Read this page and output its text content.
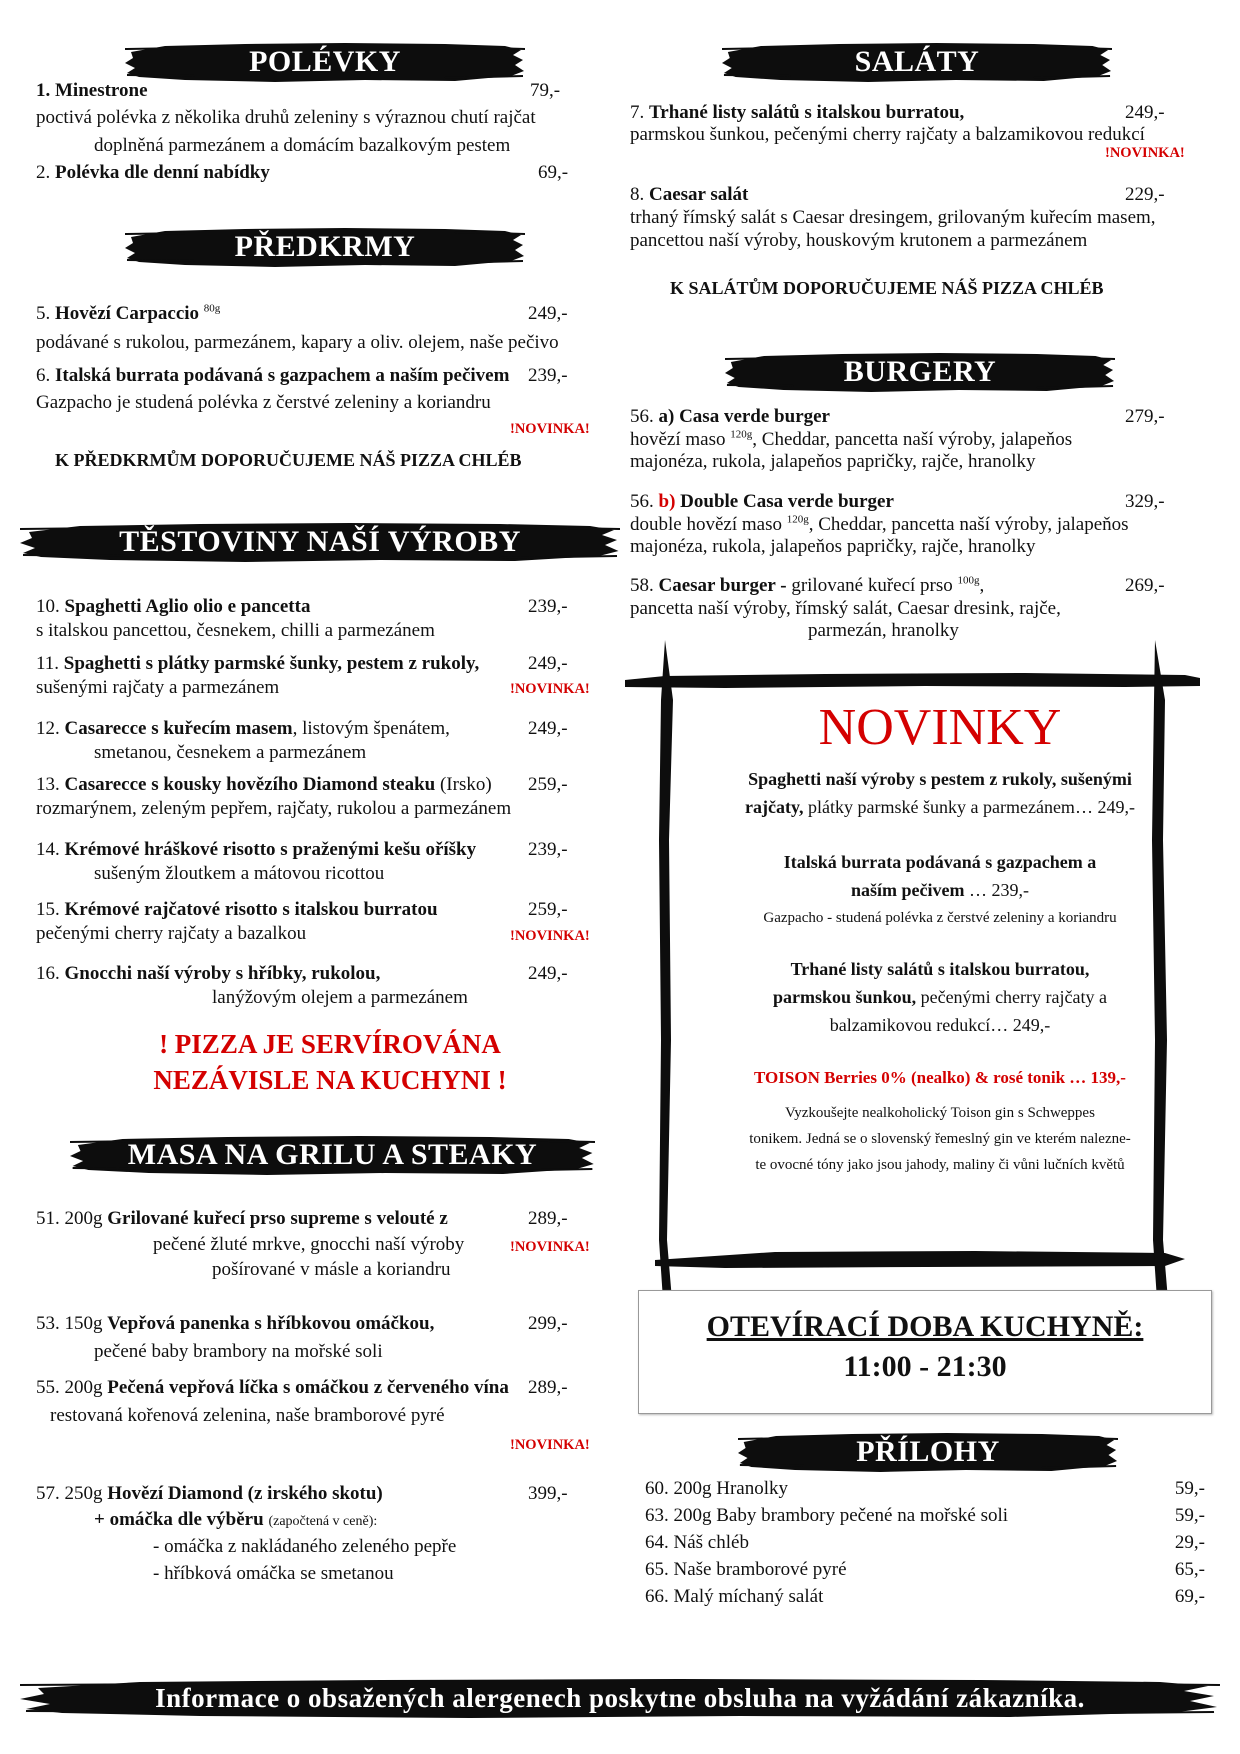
POLÉVKY
1. Minestrone	79,-
poctivá polévka z několika druhů zeleniny s výraznou chutí rajčat
doplněná parmezánem a domácím bazalkovým pestem
2. Polévka dle denní nabídky	69,-
PŘEDKRMY
5. Hovězí Carpaccio $^{80g}$	249,-
podávané s rukolou, parmezánem, kapary a oliv. olejem, naše pečivo
6. Italská burrata podávaná s gazpachem a naším pečivem 239,-
Gazpacho je studená polévka z čerstvé zeleniny a koriandru
!NOVINKA!
K PŘEDKRMŮM DOPORUČUJEME NÁŠ PIZZA CHLÉB
TĚSTOVINY NAŠÍ VÝROBY
10. Spaghetti Aglio olio e pancetta	239,-
s italskou pancettou, česnekem, chilli a parmezánem
11. Spaghetti s plátky parmské šunky, pestem z rukoly,	249,-
sušenými rajčaty a parmezánem	!NOVINKA!
12. Casarecce s kuřecím masem, listovým špenátem,	249,-
smetanou, česnekem a parmezánem
13. Casarecce s kousky hovězího Diamond steaku (Irsko) 259,-
rozmarýnem, zeleným pepřem, rajčaty, rukolou a parmezánem
14. Krémové hráškové risotto s praženými kešu oříšky	239,-
sušeným žloutkem a mátovou ricottou
15. Krémové rajčatové risotto s italskou burratou	259,-
pečenými cherry rajčaty a bazalkou	!NOVINKA!
16. Gnocchi naší výroby s hříbky, rukolou,	249,-
lanýžovým olejem a parmezánem
! PIZZA JE SERVÍROVÁNA
NEZÁVISLE NA KUCHYNI !
MASA NA GRILU A STEAKY
51. 200g Grilované kuřecí prso supreme s velouté z	289,-
pečené žluté mrkve, gnocchi naší výroby	!NOVINKA!
pošírované v másle a koriandru
53. 150g Vepřová panenka s hříbkovou omáčkou,	299,-
pečené baby brambory na mořské soli
55. 200g Pečená vepřová líčka s omáčkou z červeného vína 289,-
restovaná kořenová zelenina, naše bramborové pyré
!NOVINKA!
57. 250g Hovězí Diamond (z irského skotu)	399,-
+ omáčka dle výběru (započtená v ceně):
- omáčka z nakládaného zeleného pepře
- hříbková omáčka se smetanou
SALÁTY
7. Trhané listy salátů s italskou burratou,	249,-
parmskou šunkou, pečenými cherry rajčaty a balzamikovou redukcí
!NOVINKA!
8. Caesar salát	229,-
trhaný římský salát s Caesar dresingem, grilovaným kuřecím masem,
pancettou naší výroby, houskovým krutonem a parmezánem
K SALÁTŮM DOPORUČUJEME NÁŠ PIZZA CHLÉB
BURGERY
56. a) Casa verde burger	279,-
hovězí maso $^{120g}$, Cheddar, pancetta naší výroby, jalapeňos
majonéza, rukola, jalapeňos papričky, rajče, hranolky
56. b) Double Casa verde burger	329,-
double hovězí maso $^{120g}$, Cheddar, pancetta naší výroby, jalapeňos
majonéza, rukola, jalapeňos papričky, rajče, hranolky
58. Caesar burger - grilované kuřecí prso $^{100g}$,	269,-
pancetta naší výroby, římský salát, Caesar dresink, rajče,
parmezán, hranolky
NOVINKY
Spaghetti naší výroby s pestem z rukoly, sušenými
rajčaty, plátky parmské šunky a parmezánem… 249,-
Italská burrata podávaná s gazpachem a
naším pečivem … 239,-
Gazpacho - studená polévka z čerstvé zeleniny a koriandru
Trhané listy salátů s italskou burratou,
parmskou šunkou, pečenými cherry rajčaty a
balzamikovou redukcí… 249,-
TOISON Berries 0% (nealko) & rosé tonik … 139,-
Vyzkoušejte nealkoholický Toison gin s Schweppes
tonikem. Jedná se o slovenský řemeslný gin ve kterém nalezne-
te ovocné tóny jako jsou jahody, maliny či vůni lučních květů
OTEVÍRACÍ DOBA KUCHYNĚ:
11:00 - 21:30
PŘÍLOHY
60. 200g Hranolky	59,-
63. 200g Baby brambory pečené na mořské soli	59,-
64. Náš chléb	29,-
65. Naše bramborové pyré	65,-
66. Malý míchaný salát	69,-
Informace o obsažených alergenech poskytne obsluha na vyžádání zákazníka.
